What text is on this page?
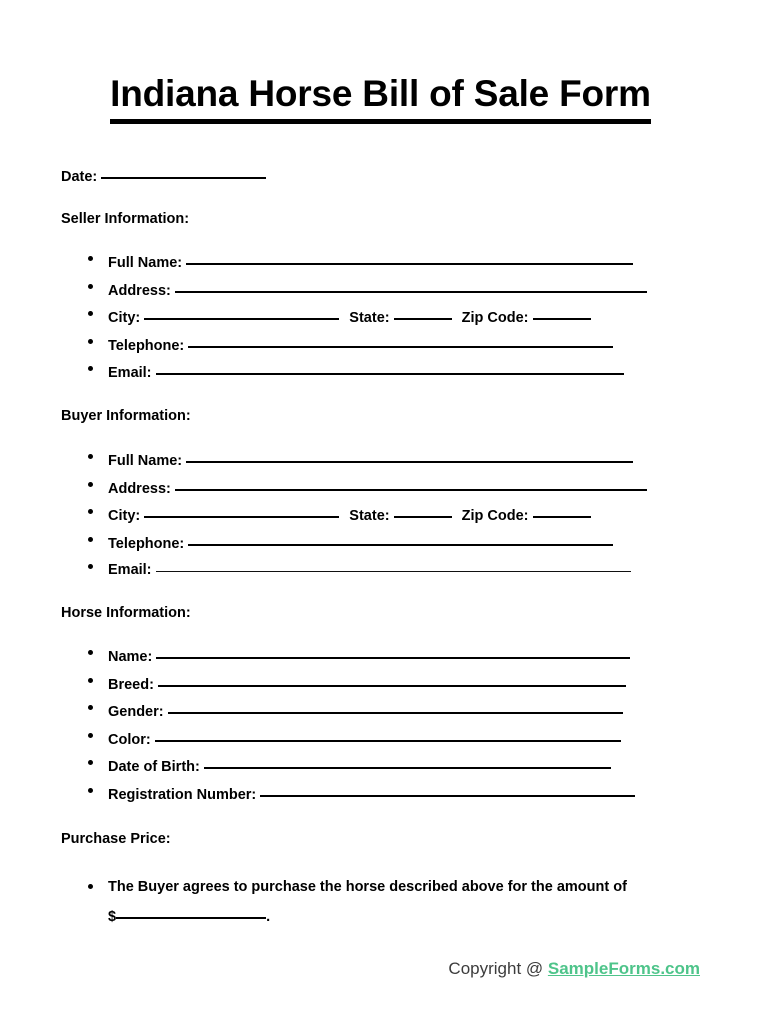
Indiana Horse Bill of Sale Form
Date:
Seller Information:
Full Name:
Address:
City:	State:	Zip Code:
Telephone:
Email:
Buyer Information:
Full Name:
Address:
City:	State:	Zip Code:
Telephone:
Email:
Horse Information:
Name:
Breed:
Gender:
Color:
Date of Birth:
Registration Number:
Purchase Price:
The Buyer agrees to purchase the horse described above for the amount of
$	.
Copyright @ SampleForms.com
